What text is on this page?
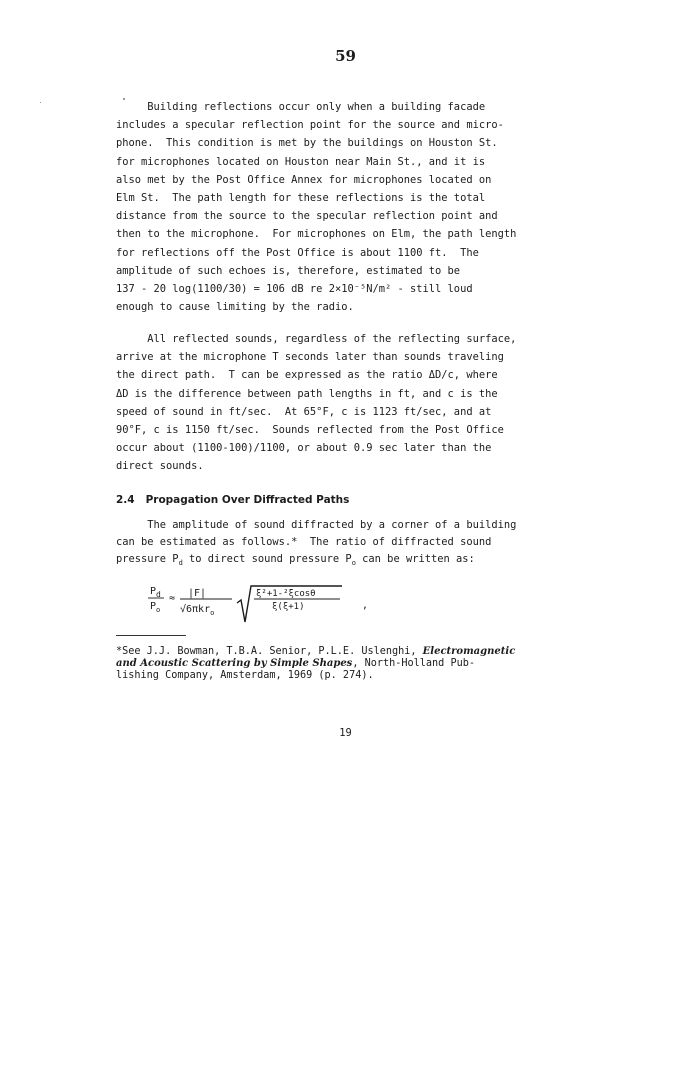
59
Building reflections occur only when a building facade
includes a specular reflection point for the source and micro-
phone.  This condition is met by the buildings on Houston St.
for microphones located on Houston near Main St., and it is
also met by the Post Office Annex for microphones located on
Elm St.  The path length for these reflections is the total
distance from the source to the specular reflection point and
then to the microphone.  For microphones on Elm, the path length
for reflections off the Post Office is about 1100 ft.  The
amplitude of such echoes is, therefore, estimated to be
137 - 20 log(1100/30) = 106 dB re 2×10⁻⁵N/m² - still loud
enough to cause limiting by the radio.
All reflected sounds, regardless of the reflecting surface,
arrive at the microphone T seconds later than sounds traveling
the direct path.  T can be expressed as the ratio ΔD/c, where
ΔD is the difference between path lengths in ft, and c is the
speed of sound in ft/sec.  At 65°F, c is 1123 ft/sec, and at
90°F, c is 1150 ft/sec.  Sounds reflected from the Post Office
occur about (1100-100)/1100, or about 0.9 sec later than the
direct sounds.
2.4   Propagation Over Diffracted Paths
The amplitude of sound diffracted by a corner of a building
can be estimated as follows.*  The ratio of diffracted sound
pressure $P_d$ to direct sound pressure $P_o$ can be written as:
$P_d$
$P_o$
≈ |F|
√6πkr$_o$
ξ²+1-²ξcosθ
ξ(ξ+1)	,
*See J.J. Bowman, T.B.A. Senior, P.L.E. Uslenghi, Electromagnetic
and Acoustic Scattering by Simple Shapes, North-Holland Pub-
lishing Company, Amsterdam, 1969 (p. 274).
19
